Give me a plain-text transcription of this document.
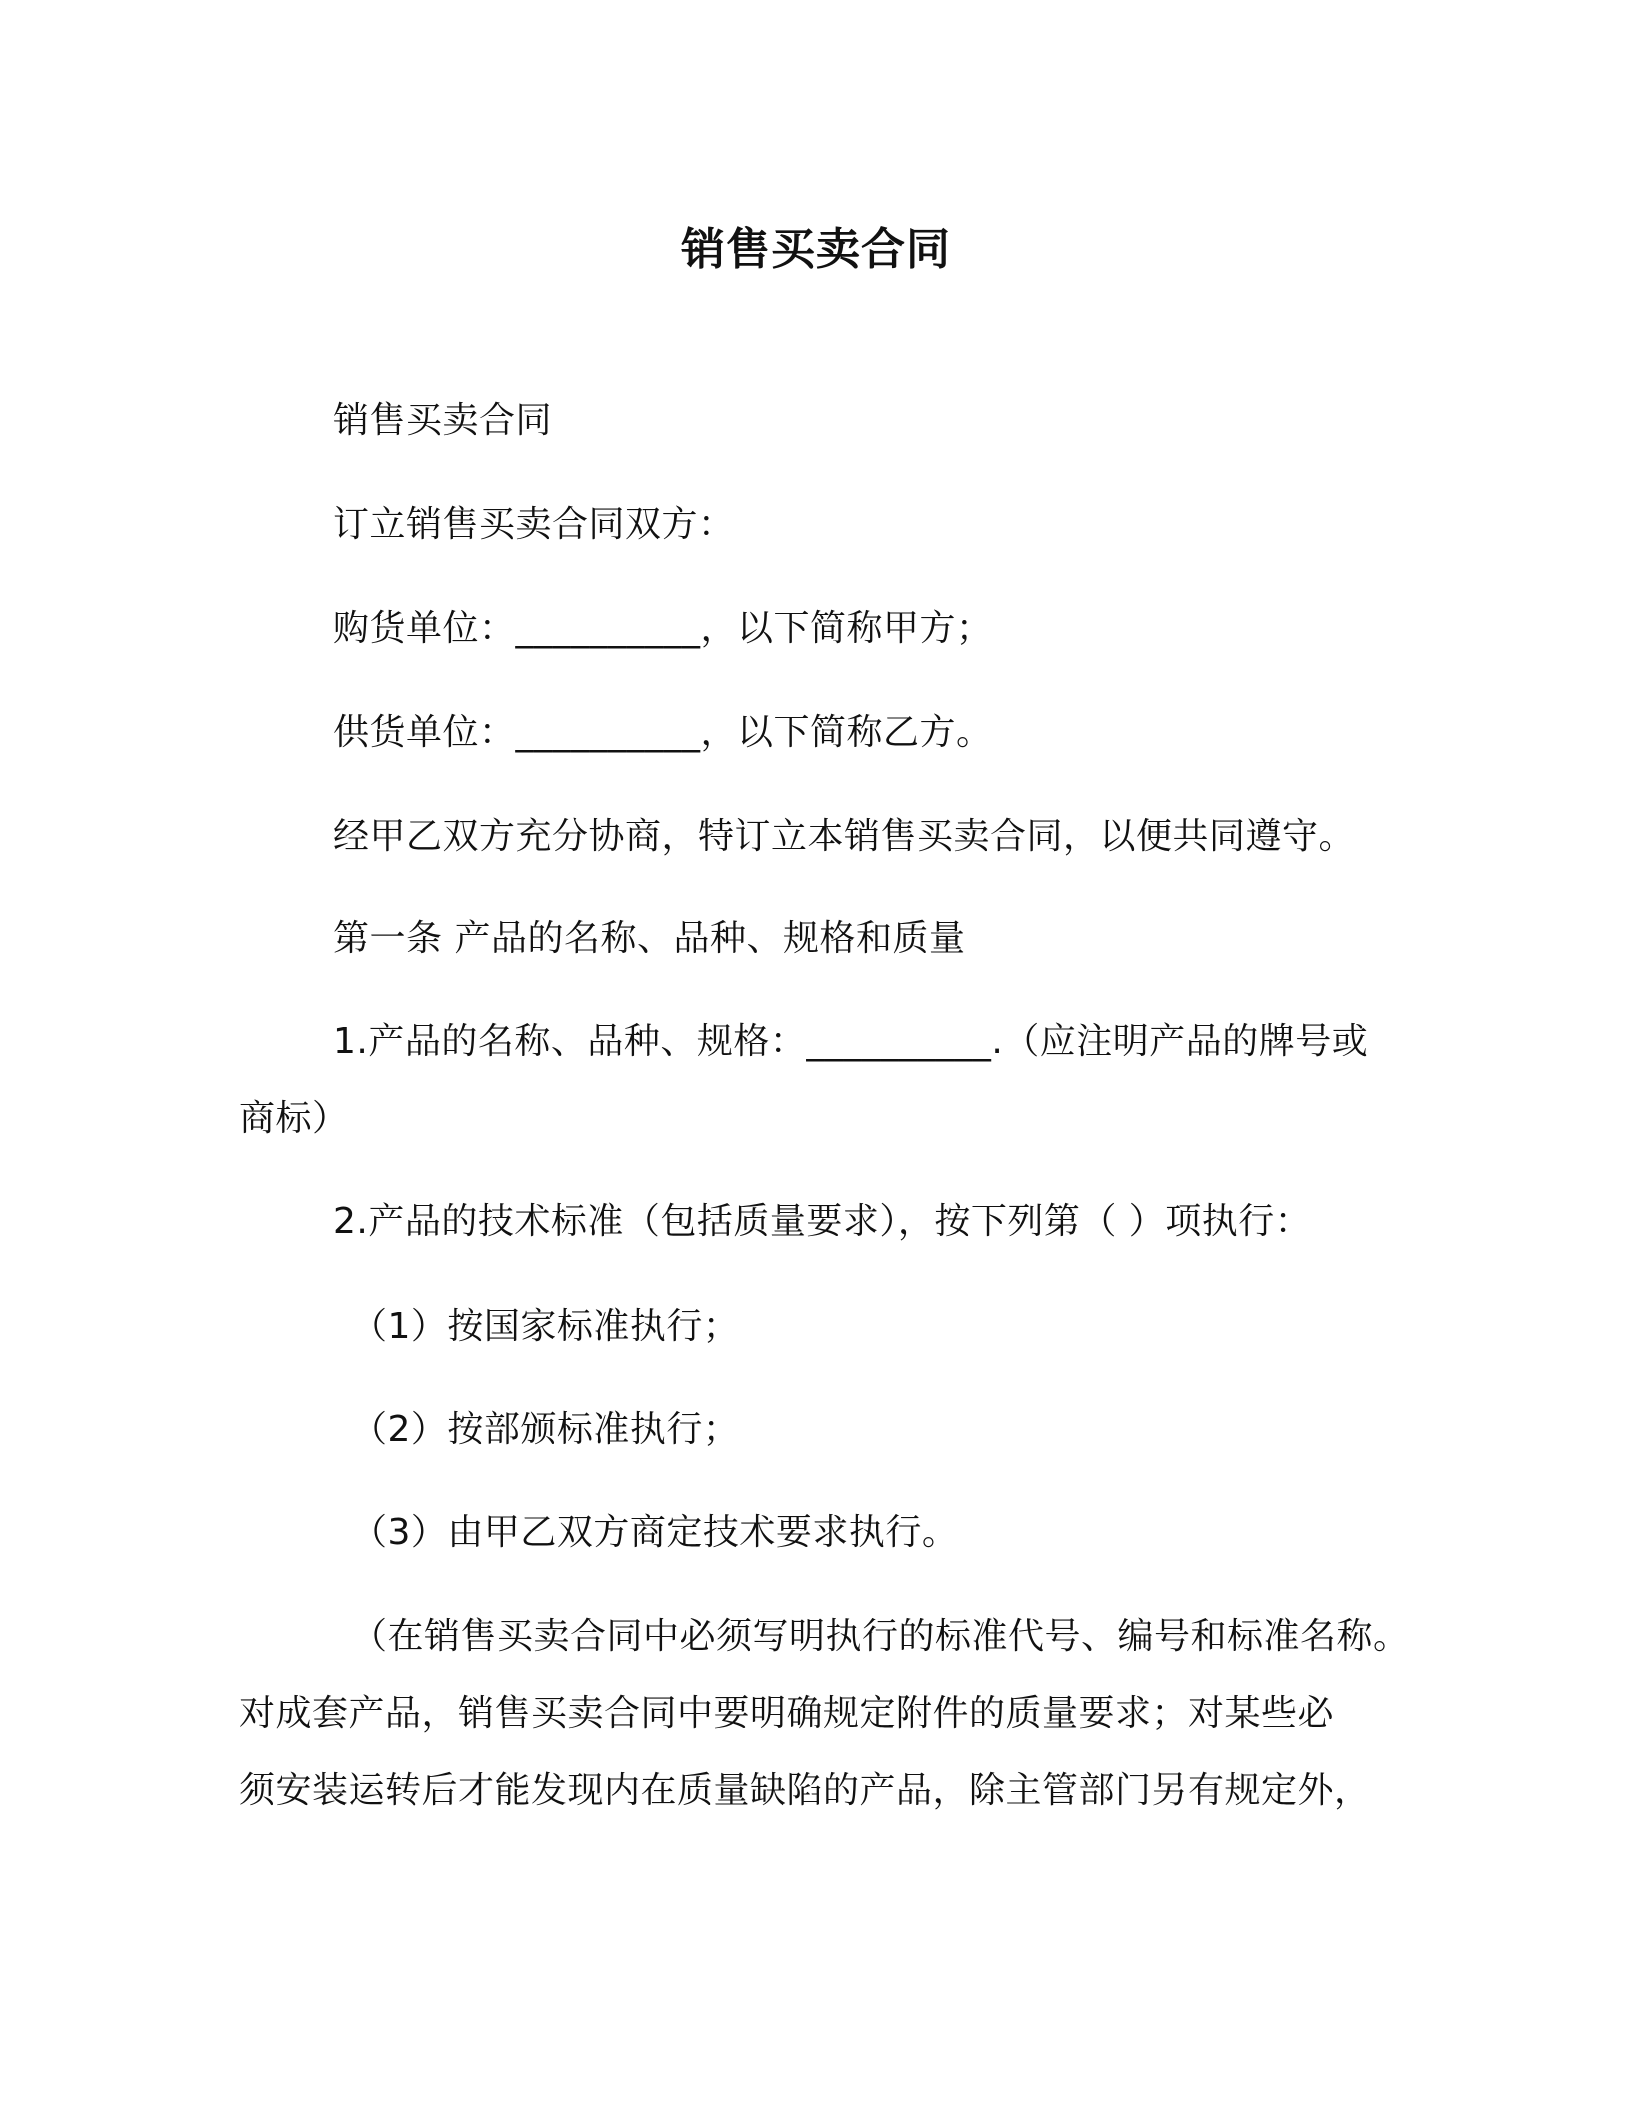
销售买卖合同
销售买卖合同
订立销售买卖合同双方：
购货单位：__________，以下简称甲方；
供货单位：__________，以下简称乙方。
经甲乙双方充分协商，特订立本销售买卖合同，以便共同遵守。
第一条 产品的名称、品种、规格和质量
1.产品的名称、品种、规格：__________.（应注明产品的牌号或
商标）
2.产品的技术标准（包括质量要求），按下列第（ ）项执行：
（1）按国家标准执行；
（2）按部颁标准执行；
（3）由甲乙双方商定技术要求执行。
（在销售买卖合同中必须写明执行的标准代号、编号和标准名称。
对成套产品，销售买卖合同中要明确规定附件的质量要求；对某些必
须安装运转后才能发现内在质量缺陷的产品，除主管部门另有规定外，
